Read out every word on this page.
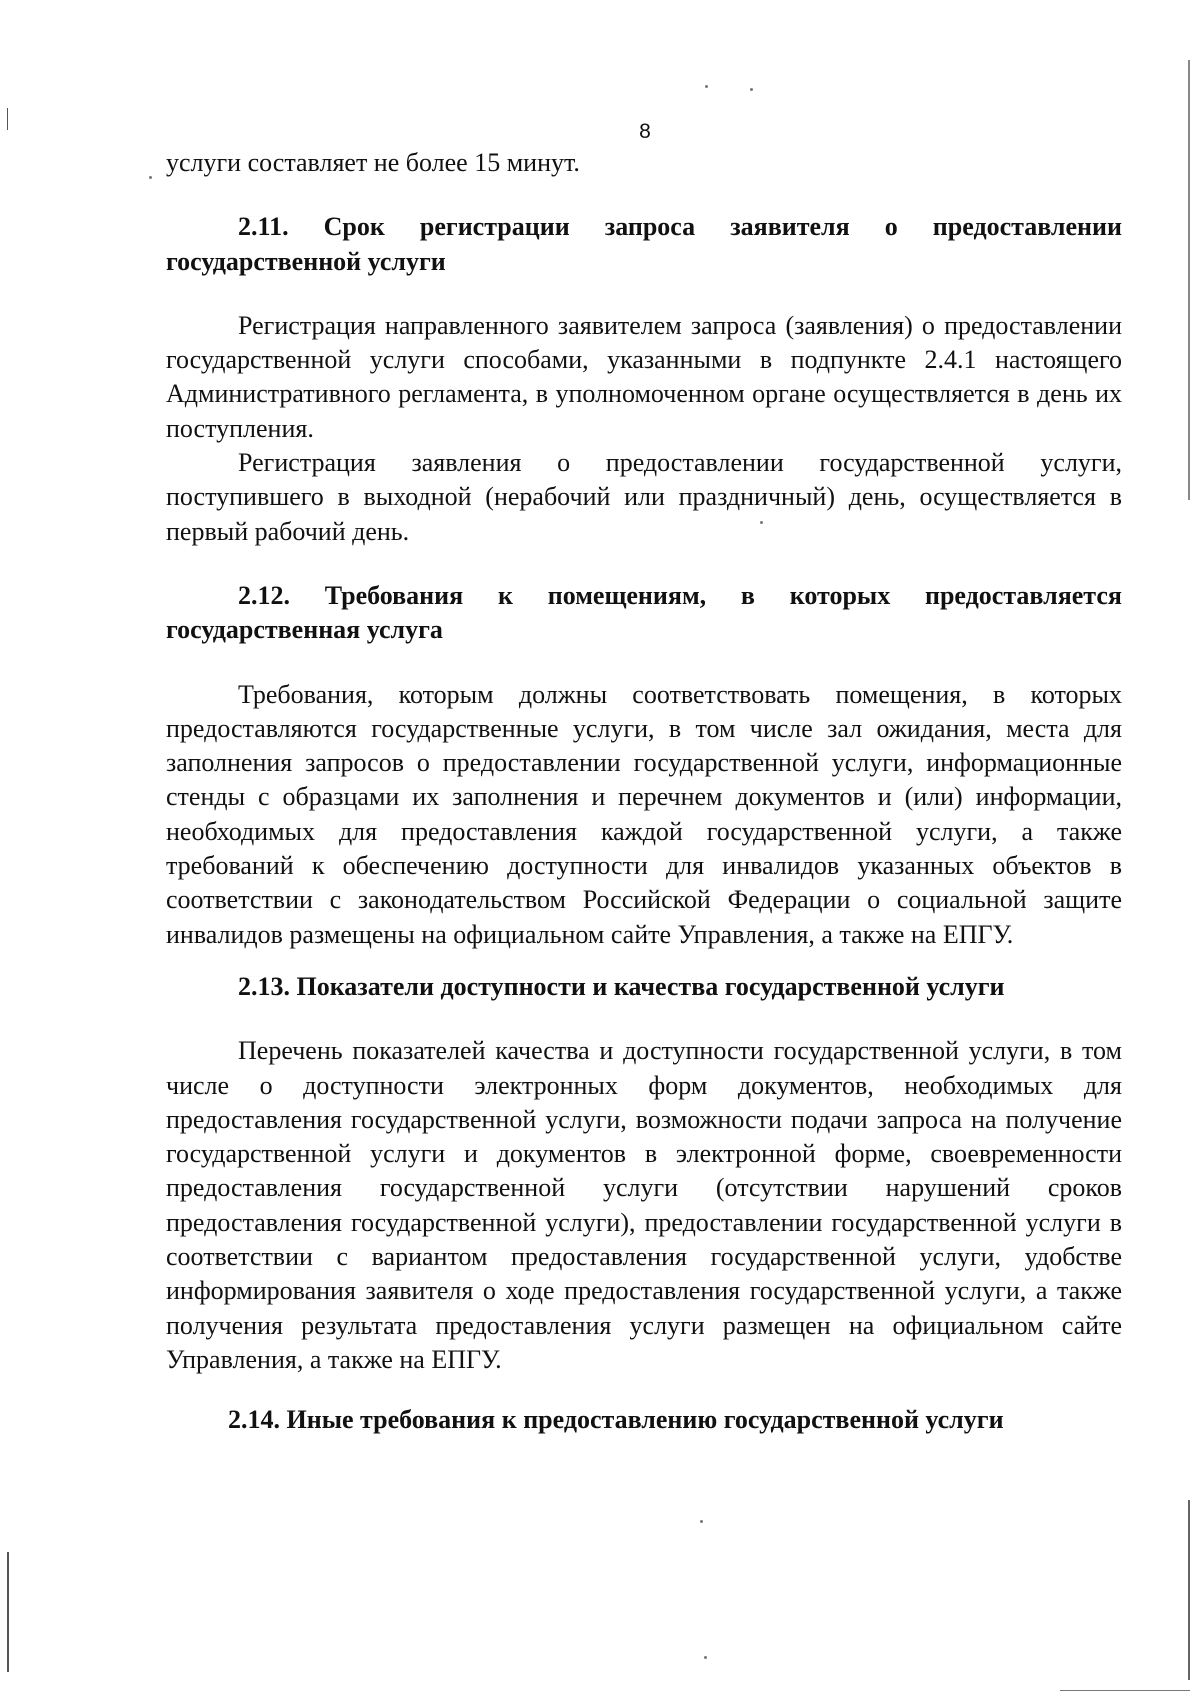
8

услуги составляет не более 15 минут.

2.11. Срок регистрации запроса заявителя о предоставлении государственной услуги

Регистрация направленного заявителем запроса (заявления) о предоставлении государственной услуги способами, указанными в подпункте 2.4.1 настоящего Административного регламента, в уполномоченном органе осуществляется в день их поступления.

Регистрация заявления о предоставлении государственной услуги, поступившего в выходной (нерабочий или праздничный) день, осуществляется в первый рабочий день.

2.12. Требования к помещениям, в которых предоставляется государственная услуга

Требования, которым должны соответствовать помещения, в которых предоставляются государственные услуги, в том числе зал ожидания, места для заполнения запросов о предоставлении государственной услуги, информационные стенды с образцами их заполнения и перечнем документов и (или) информации, необходимых для предоставления каждой государственной услуги, а также требований к обеспечению доступности для инвалидов указанных объектов в соответствии с законодательством Российской Федерации о социальной защите инвалидов размещены на официальном сайте Управления, а также на ЕПГУ.

2.13. Показатели доступности и качества государственной услуги

Перечень показателей качества и доступности государственной услуги, в том числе о доступности электронных форм документов, необходимых для предоставления государственной услуги, возможности подачи запроса на получение государственной услуги и документов в электронной форме, своевременности предоставления государственной услуги (отсутствии нарушений сроков предоставления государственной услуги), предоставлении государственной услуги в соответствии с вариантом предоставления государственной услуги, удобстве информирования заявителя о ходе предоставления государственной услуги, а также получения результата предоставления услуги размещен на официальном сайте Управления, а также на ЕПГУ.

2.14. Иные требования к предоставлению государственной услуги
